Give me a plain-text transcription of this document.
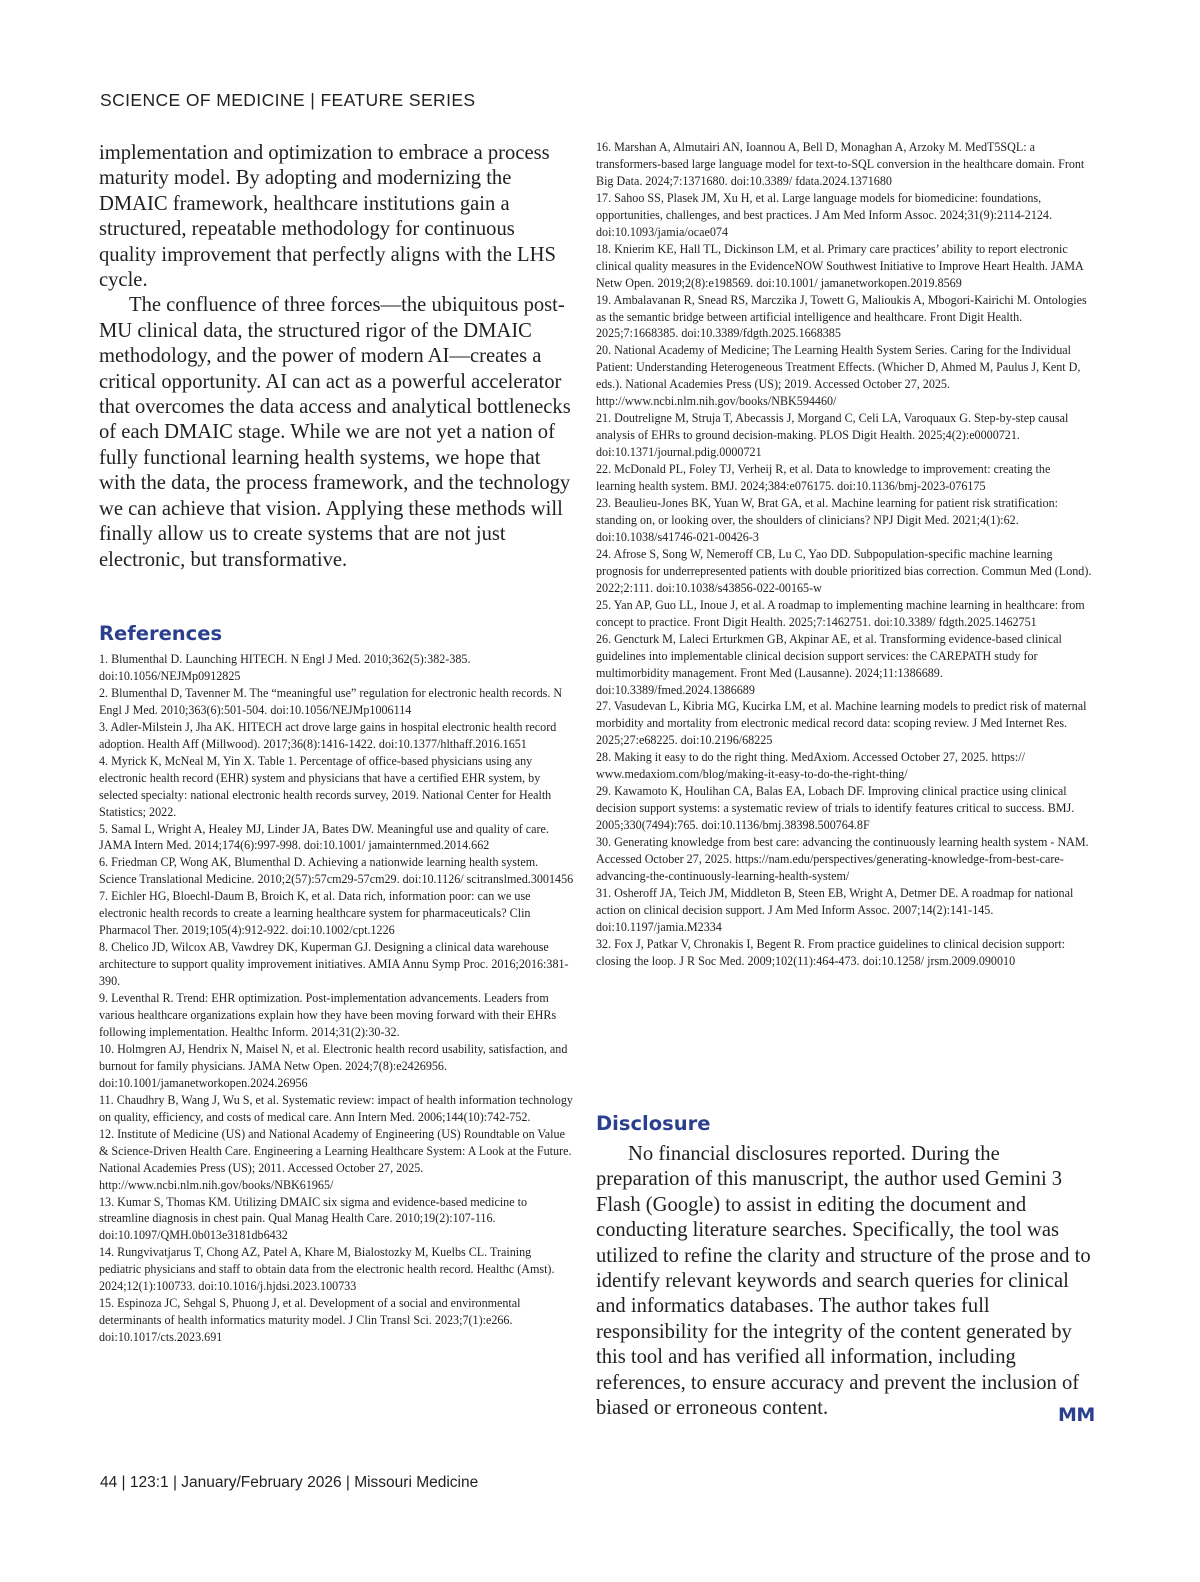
SCIENCE OF MEDICINE | FEATURE SERIES

implementation and optimization to embrace a process maturity model. By adopting and modernizing the DMAIC framework, healthcare institutions gain a structured, repeatable methodology for continuous quality improvement that perfectly aligns with the LHS cycle.

The confluence of three forces—the ubiquitous post-MU clinical data, the structured rigor of the DMAIC methodology, and the power of modern AI—creates a critical opportunity. AI can act as a powerful accelerator that overcomes the data access and analytical bottlenecks of each DMAIC stage. While we are not yet a nation of fully functional learning health systems, we hope that with the data, the process framework, and the technology we can achieve that vision. Applying these methods will finally allow us to create systems that are not just electronic, but transformative.

References
1. Blumenthal D. Launching HITECH. N Engl J Med. 2010;362(5):382-385. doi:10.1056/NEJMp0912825
2. Blumenthal D, Tavenner M. The “meaningful use” regulation for electronic health records. N Engl J Med. 2010;363(6):501-504. doi:10.1056/NEJMp1006114
3. Adler-Milstein J, Jha AK. HITECH act drove large gains in hospital electronic health record adoption. Health Aff (Millwood). 2017;36(8):1416-1422. doi:10.1377/hlthaff.2016.1651
4. Myrick K, McNeal M, Yin X. Table 1. Percentage of office-based physicians using any electronic health record (EHR) system and physicians that have a certified EHR system, by selected specialty: national electronic health records survey, 2019. National Center for Health Statistics; 2022.
5. Samal L, Wright A, Healey MJ, Linder JA, Bates DW. Meaningful use and quality of care. JAMA Intern Med. 2014;174(6):997-998. doi:10.1001/ jamainternmed.2014.662
6. Friedman CP, Wong AK, Blumenthal D. Achieving a nationwide learning health system. Science Translational Medicine. 2010;2(57):57cm29-57cm29. doi:10.1126/ scitranslmed.3001456
7. Eichler HG, Bloechl-Daum B, Broich K, et al. Data rich, information poor: can we use electronic health records to create a learning healthcare system for pharmaceuticals? Clin Pharmacol Ther. 2019;105(4):912-922. doi:10.1002/cpt.1226
8. Chelico JD, Wilcox AB, Vawdrey DK, Kuperman GJ. Designing a clinical data warehouse architecture to support quality improvement initiatives. AMIA Annu Symp Proc. 2016;2016:381-390.
9. Leventhal R. Trend: EHR optimization. Post-implementation advancements. Leaders from various healthcare organizations explain how they have been moving forward with their EHRs following implementation. Healthc Inform. 2014;31(2):30-32.
10. Holmgren AJ, Hendrix N, Maisel N, et al. Electronic health record usability, satisfaction, and burnout for family physicians. JAMA Netw Open. 2024;7(8):e2426956. doi:10.1001/jamanetworkopen.2024.26956
11. Chaudhry B, Wang J, Wu S, et al. Systematic review: impact of health information technology on quality, efficiency, and costs of medical care. Ann Intern Med. 2006;144(10):742-752.
12. Institute of Medicine (US) and National Academy of Engineering (US) Roundtable on Value & Science-Driven Health Care. Engineering a Learning Healthcare System: A Look at the Future. National Academies Press (US); 2011. Accessed October 27, 2025. http://www.ncbi.nlm.nih.gov/books/NBK61965/
13. Kumar S, Thomas KM. Utilizing DMAIC six sigma and evidence-based medicine to streamline diagnosis in chest pain. Qual Manag Health Care. 2010;19(2):107-116. doi:10.1097/QMH.0b013e3181db6432
14. Rungvivatjarus T, Chong AZ, Patel A, Khare M, Bialostozky M, Kuelbs CL. Training pediatric physicians and staff to obtain data from the electronic health record. Healthc (Amst). 2024;12(1):100733. doi:10.1016/j.hjdsi.2023.100733
15. Espinoza JC, Sehgal S, Phuong J, et al. Development of a social and environmental determinants of health informatics maturity model. J Clin Transl Sci. 2023;7(1):e266. doi:10.1017/cts.2023.691
16. Marshan A, Almutairi AN, Ioannou A, Bell D, Monaghan A, Arzoky M. MedT5SQL: a transformers-based large language model for text-to-SQL conversion in the healthcare domain. Front Big Data. 2024;7:1371680. doi:10.3389/ fdata.2024.1371680
17. Sahoo SS, Plasek JM, Xu H, et al. Large language models for biomedicine: foundations, opportunities, challenges, and best practices. J Am Med Inform Assoc. 2024;31(9):2114-2124. doi:10.1093/jamia/ocae074
18. Knierim KE, Hall TL, Dickinson LM, et al. Primary care practices’ ability to report electronic clinical quality measures in the EvidenceNOW Southwest Initiative to Improve Heart Health. JAMA Netw Open. 2019;2(8):e198569. doi:10.1001/ jamanetworkopen.2019.8569
19. Ambalavanan R, Snead RS, Marczika J, Towett G, Malioukis A, Mbogori-Kairichi M. Ontologies as the semantic bridge between artificial intelligence and healthcare. Front Digit Health. 2025;7:1668385. doi:10.3389/fdgth.2025.1668385
20. National Academy of Medicine; The Learning Health System Series. Caring for the Individual Patient: Understanding Heterogeneous Treatment Effects. (Whicher D, Ahmed M, Paulus J, Kent D, eds.). National Academies Press (US); 2019. Accessed October 27, 2025. http://www.ncbi.nlm.nih.gov/books/NBK594460/
21. Doutreligne M, Struja T, Abecassis J, Morgand C, Celi LA, Varoquaux G. Step-by-step causal analysis of EHRs to ground decision-making. PLOS Digit Health. 2025;4(2):e0000721. doi:10.1371/journal.pdig.0000721
22. McDonald PL, Foley TJ, Verheij R, et al. Data to knowledge to improvement: creating the learning health system. BMJ. 2024;384:e076175. doi:10.1136/bmj-2023-076175
23. Beaulieu-Jones BK, Yuan W, Brat GA, et al. Machine learning for patient risk stratification: standing on, or looking over, the shoulders of clinicians? NPJ Digit Med. 2021;4(1):62. doi:10.1038/s41746-021-00426-3
24. Afrose S, Song W, Nemeroff CB, Lu C, Yao DD. Subpopulation-specific machine learning prognosis for underrepresented patients with double prioritized bias correction. Commun Med (Lond). 2022;2:111. doi:10.1038/s43856-022-00165-w
25. Yan AP, Guo LL, Inoue J, et al. A roadmap to implementing machine learning in healthcare: from concept to practice. Front Digit Health. 2025;7:1462751. doi:10.3389/ fdgth.2025.1462751
26. Gencturk M, Laleci Erturkmen GB, Akpinar AE, et al. Transforming evidence-based clinical guidelines into implementable clinical decision support services: the CAREPATH study for multimorbidity management. Front Med (Lausanne). 2024;11:1386689. doi:10.3389/fmed.2024.1386689
27. Vasudevan L, Kibria MG, Kucirka LM, et al. Machine learning models to predict risk of maternal morbidity and mortality from electronic medical record data: scoping review. J Med Internet Res. 2025;27:e68225. doi:10.2196/68225
28. Making it easy to do the right thing. MedAxiom. Accessed October 27, 2025. https:// www.medaxiom.com/blog/making-it-easy-to-do-the-right-thing/
29. Kawamoto K, Houlihan CA, Balas EA, Lobach DF. Improving clinical practice using clinical decision support systems: a systematic review of trials to identify features critical to success. BMJ. 2005;330(7494):765. doi:10.1136/bmj.38398.500764.8F
30. Generating knowledge from best care: advancing the continuously learning health system - NAM. Accessed October 27, 2025. https://nam.edu/perspectives/generating-knowledge-from-best-care-advancing-the-continuously-learning-health-system/
31. Osheroff JA, Teich JM, Middleton B, Steen EB, Wright A, Detmer DE. A roadmap for national action on clinical decision support. J Am Med Inform Assoc. 2007;14(2):141-145. doi:10.1197/jamia.M2334
32. Fox J, Patkar V, Chronakis I, Begent R. From practice guidelines to clinical decision support: closing the loop. J R Soc Med. 2009;102(11):464-473. doi:10.1258/ jrsm.2009.090010
Disclosure

No financial disclosures reported. During the preparation of this manuscript, the author used Gemini 3 Flash (Google) to assist in editing the document and conducting literature searches. Specifically, the tool was utilized to refine the clarity and structure of the prose and to identify relevant keywords and search queries for clinical and informatics databases. The author takes full responsibility for the integrity of the content generated by this tool and has verified all information, including references, to ensure accuracy and prevent the inclusion of biased or erroneous content.	MM
44 | 123:1 | January/February 2026 | Missouri Medicine
